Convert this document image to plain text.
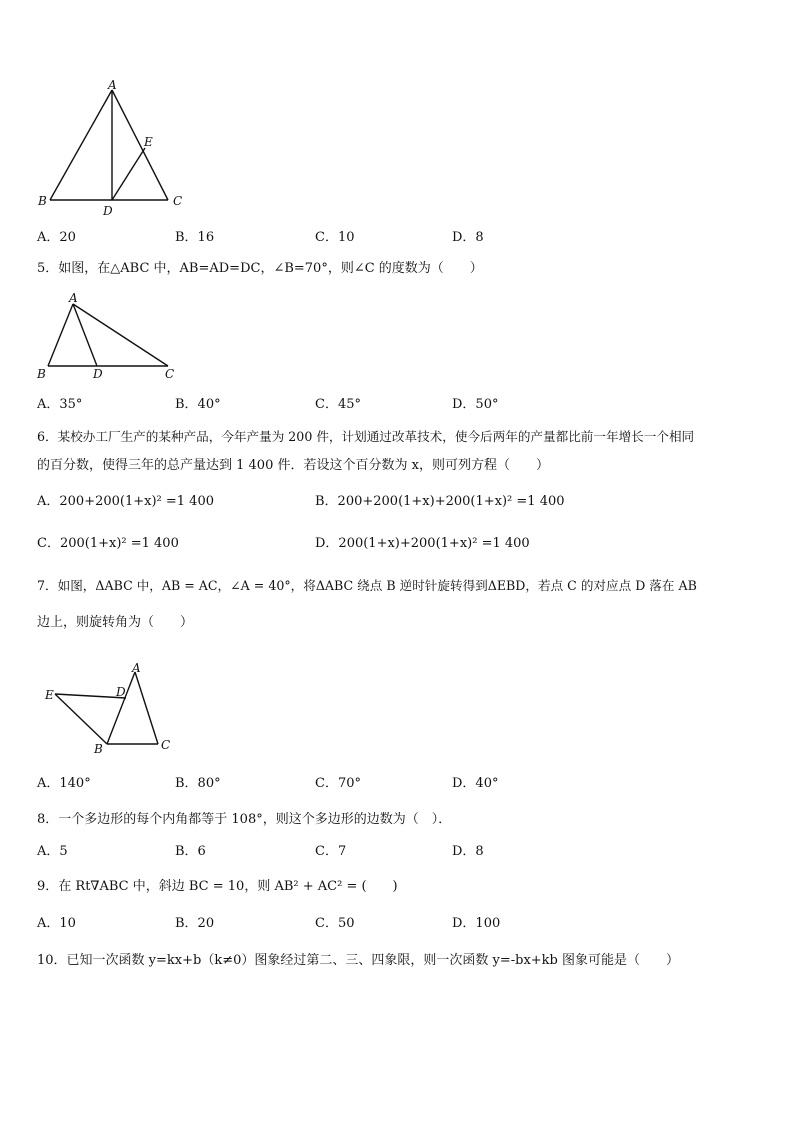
A
B	C
D
E
A．20	B．16	C．10	D．8
5．如图，在△ABC 中，AB=AD=DC，∠B=70°，则∠C 的度数为（　　）
A
B	C
D
A．35°	B．40°	C．45°	D．50°
6．某校办工厂生产的某种产品，今年产量为 200 件，计划通过改革技术，使今后两年的产量都比前一年增长一个相同
的百分数，使得三年的总产量达到 1 400 件．若设这个百分数为 x，则可列方程（　　）
A．200+200(1+x)² =1 400	B．200+200(1+x)+200(1+x)² =1 400
C．200(1+x)² =1 400	D．200(1+x)+200(1+x)² =1 400
7．如图，ΔABC 中，AB = AC，∠A = 40°，将ΔABC 绕点 B 逆时针旋转得到ΔEBD，若点 C 的对应点 D 落在 AB
边上，则旋转角为（　　）
A
B	C
D
E
A．140°	B．80°	C．70°	D．40°
8．一个多边形的每个内角都等于 108°，则这个多边形的边数为（　）．
A．5	B．6	C．7	D．8
9．在 Rt∇ABC 中，斜边 BC = 10，则 AB² + AC² = (　　)
A．10	B．20	C．50	D．100
10．已知一次函数 y=kx+b（k≠0）图象经过第二、三、四象限，则一次函数 y=-bx+kb 图象可能是（　　）
